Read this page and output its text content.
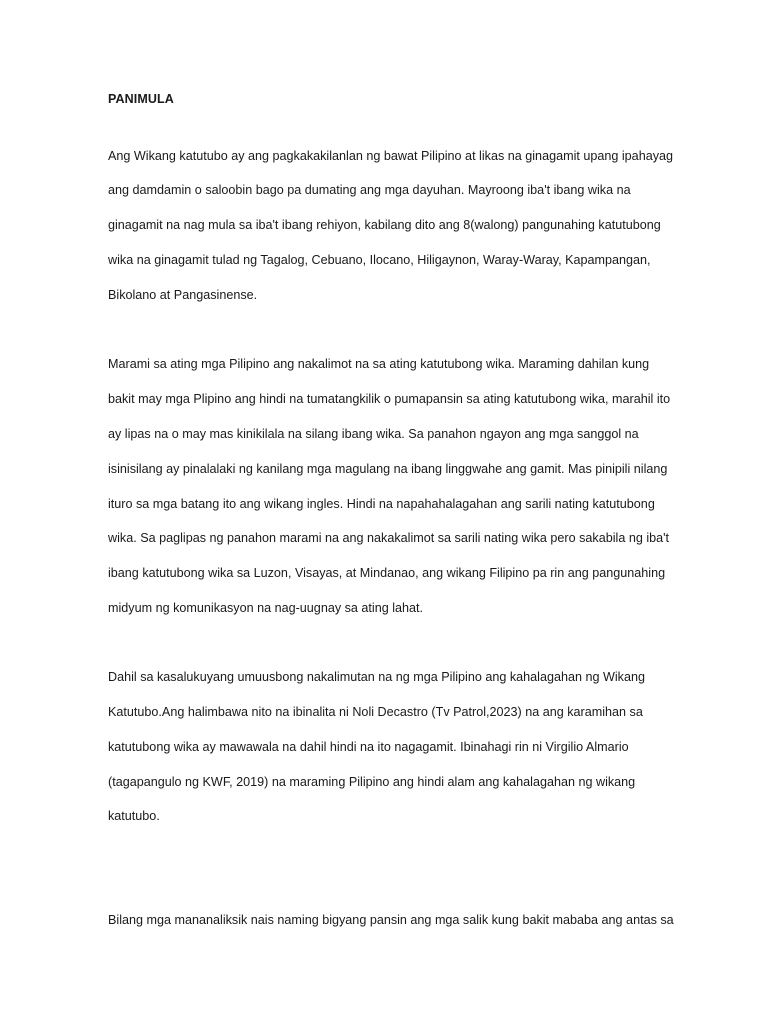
PANIMULA

Ang Wikang katutubo ay ang pagkakakilanlan ng bawat Pilipino at likas na ginagamit upang ipahayag

ang damdamin o saloobin bago pa dumating ang mga dayuhan. Mayroong iba't ibang wika na

ginagamit na nag mula sa iba't ibang rehiyon, kabilang dito ang 8(walong) pangunahing katutubong

wika na ginagamit tulad ng Tagalog, Cebuano, Ilocano, Hiligaynon, Waray-Waray, Kapampangan,

Bikolano at Pangasinense.

Marami sa ating mga Pilipino ang nakalimot na sa ating katutubong wika. Maraming dahilan kung

bakit may mga Plipino ang hindi na tumatangkilik o pumapansin sa ating katutubong wika, marahil ito

ay lipas na o may mas kinikilala na silang ibang wika. Sa panahon ngayon ang mga sanggol na

isinisilang ay pinalalaki ng kanilang mga magulang na ibang linggwahe ang gamit. Mas pinipili nilang

ituro sa mga batang ito ang wikang ingles. Hindi na napahahalagahan ang sarili nating katutubong

wika. Sa paglipas ng panahon marami na ang nakakalimot sa sarili nating wika pero sakabila ng iba't

ibang katutubong wika sa Luzon, Visayas, at Mindanao, ang wikang Filipino pa rin ang pangunahing

midyum ng komunikasyon na nag-uugnay sa ating lahat.

Dahil sa kasalukuyang umuusbong nakalimutan na ng mga Pilipino ang kahalagahan ng Wikang

Katutubo.Ang halimbawa nito na ibinalita ni Noli Decastro (Tv Patrol,2023) na ang karamihan sa

katutubong wika ay mawawala na dahil hindi na ito nagagamit. Ibinahagi rin ni Virgilio Almario

(tagapangulo ng KWF, 2019) na maraming Pilipino ang hindi alam ang kahalagahan ng wikang

katutubo.

Bilang mga mananaliksik nais naming bigyang pansin ang mga salik kung bakit mababa ang antas sa
